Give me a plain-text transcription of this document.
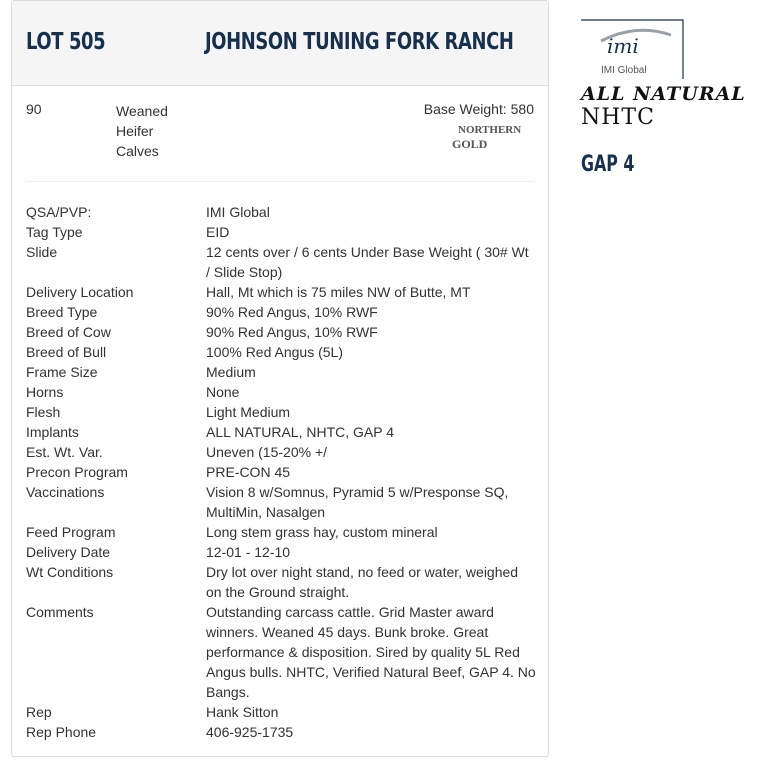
LOT 505	JOHNSON TUNING FORK RANCH
90	Weaned
Heifer
Calves
Base Weight: 580
NORTHERN
GOLD
QSA/PVP:	IMI Global
Tag Type	EID
Slide	12 cents over / 6 cents Under Base Weight ( 30# Wt / Slide Stop)
Delivery Location	Hall, Mt which is 75 miles NW of Butte, MT
Breed Type	90% Red Angus, 10% RWF
Breed of Cow	90% Red Angus, 10% RWF
Breed of Bull	100% Red Angus (5L)
Frame Size	Medium
Horns	None
Flesh	Light Medium
Implants	ALL NATURAL, NHTC, GAP 4
Est. Wt. Var.	Uneven (15-20% +/
Precon Program	PRE-CON 45
Vaccinations	Vision 8 w/Somnus, Pyramid 5 w/Presponse SQ, MultiMin, Nasalgen
Feed Program	Long stem grass hay, custom mineral
Delivery Date	12-01 - 12-10
Wt Conditions	Dry lot over night stand, no feed or water, weighed on the Ground straight.
Comments	Outstanding carcass cattle. Grid Master award winners. Weaned 45 days. Bunk broke. Great performance & disposition. Sired by quality 5L Red Angus bulls. NHTC, Verified Natural Beef, GAP 4. No Bangs.
Rep	Hank Sitton
Rep Phone	406-925-1735
imi
IMI Global
ALL NATURAL
NHTC
GAP 4
